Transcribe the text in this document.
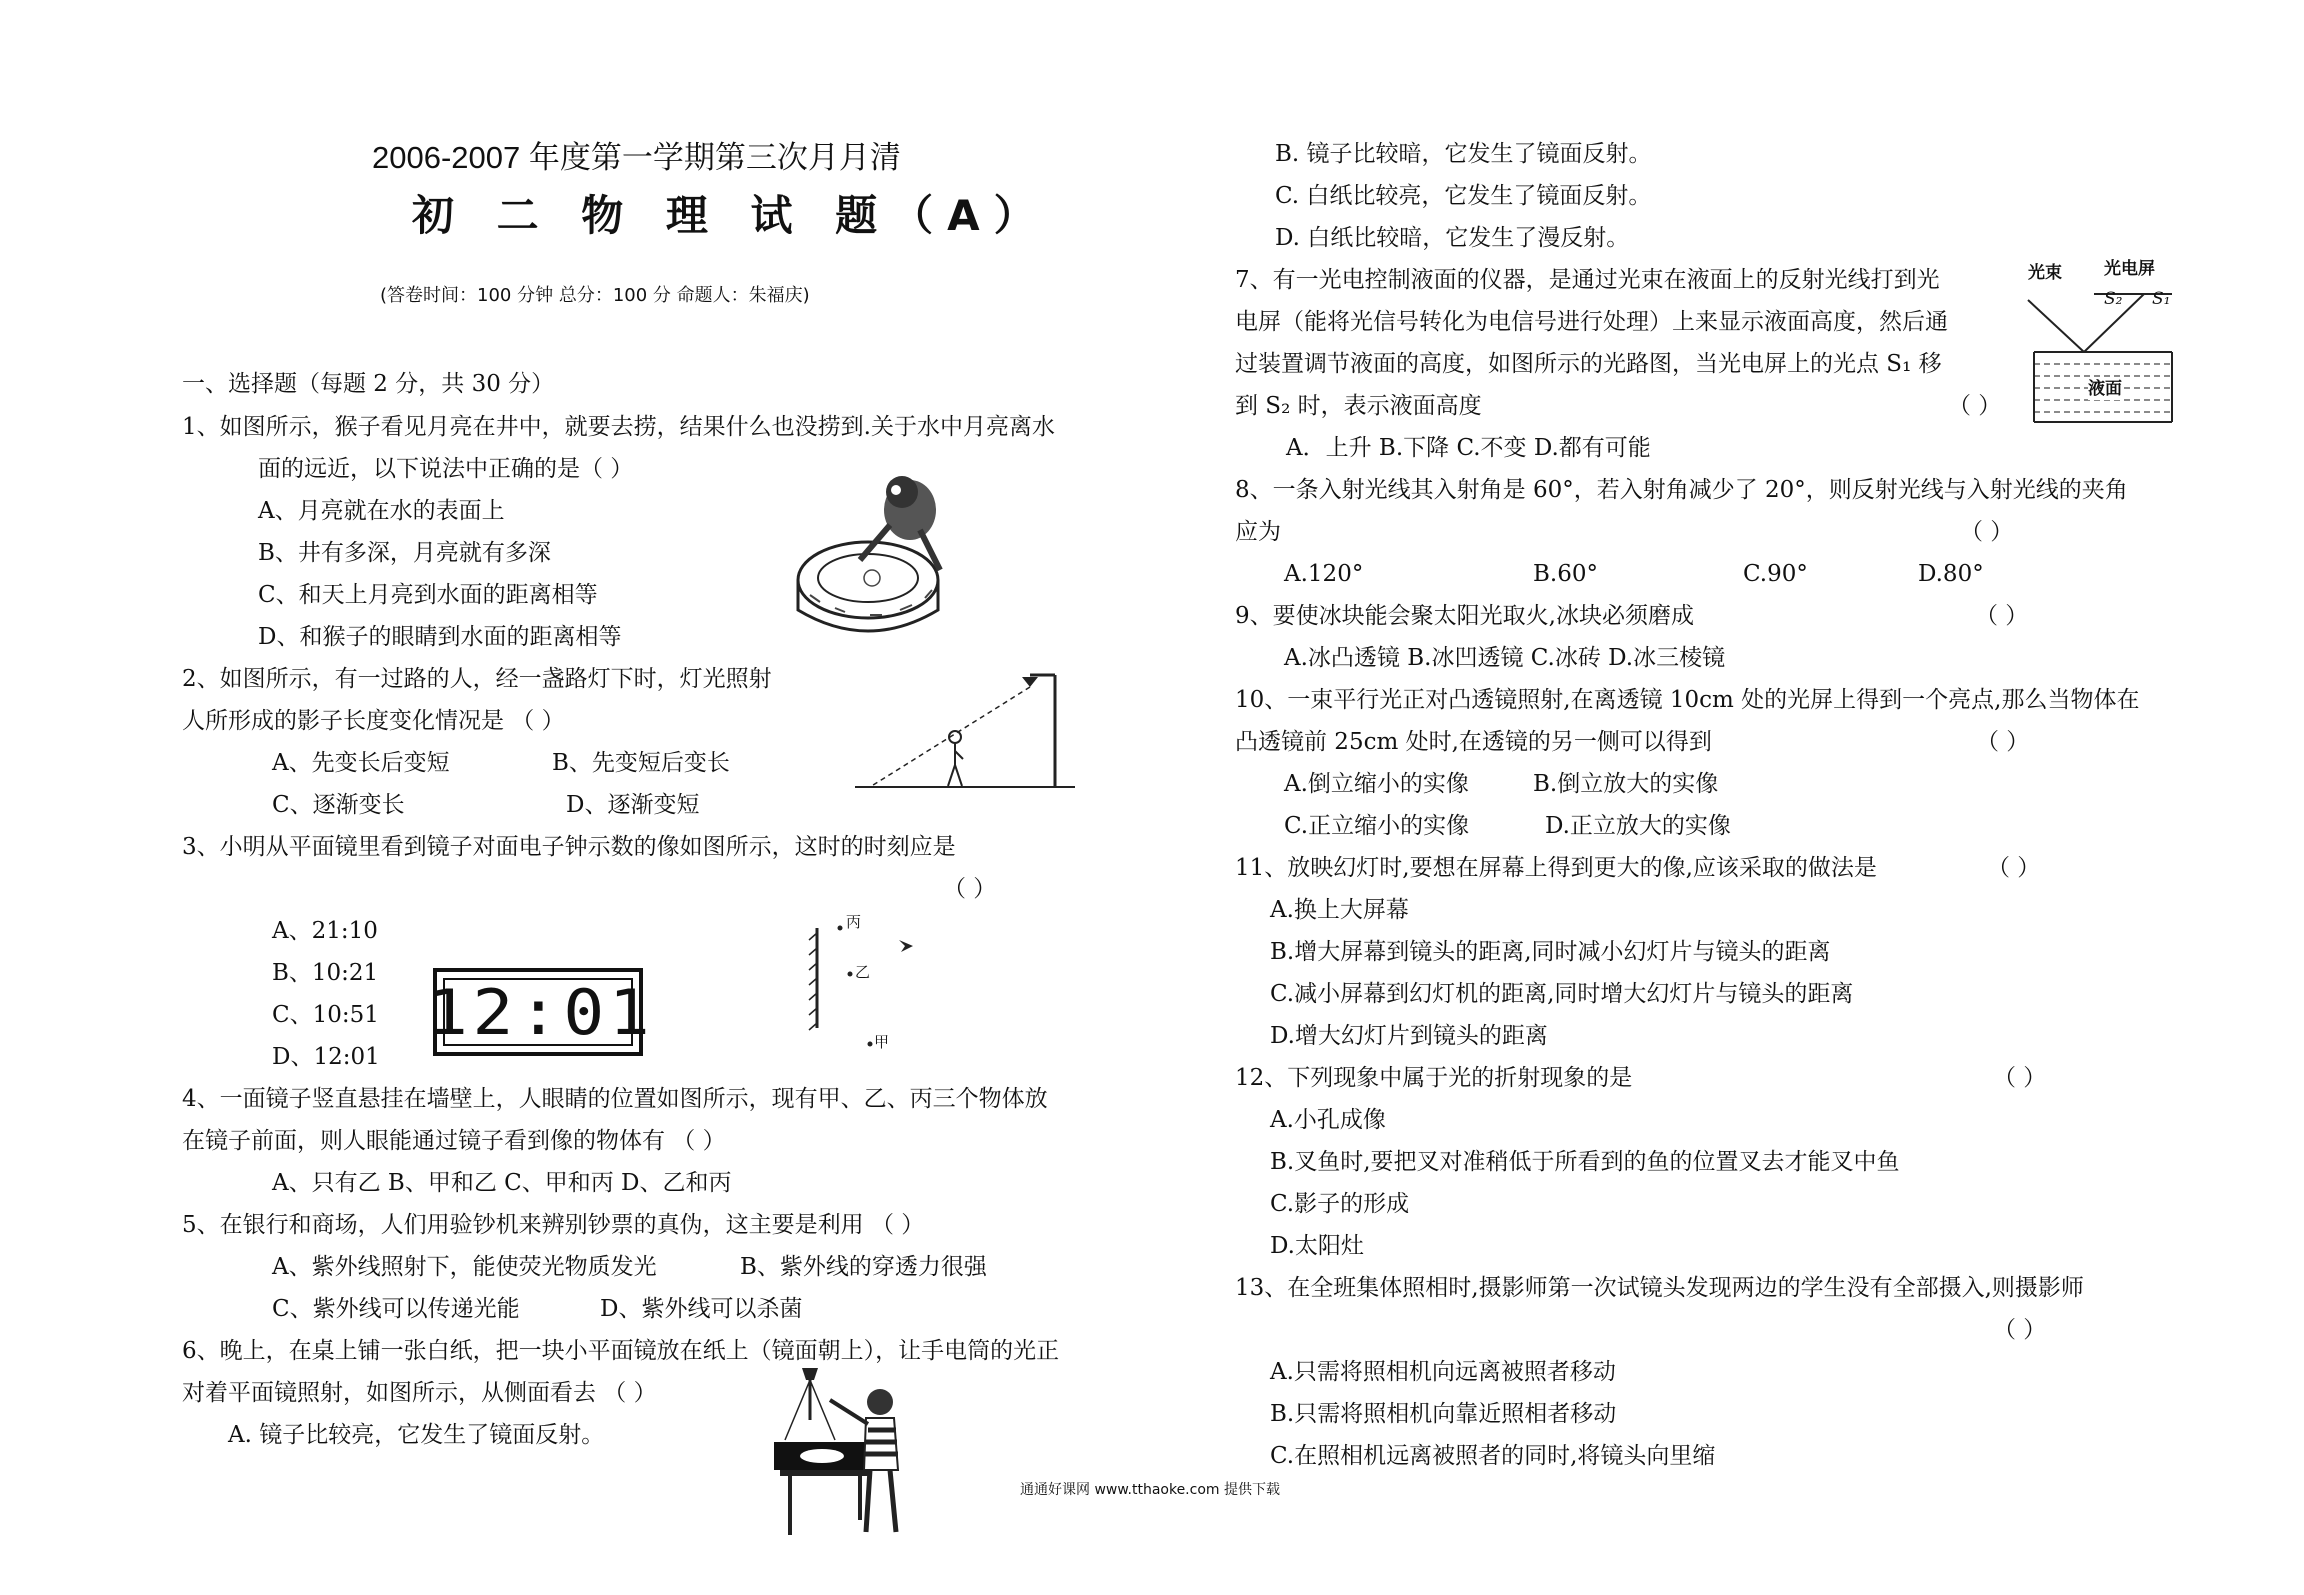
2006-2007 年度第一学期第三次月月清
初 二 物 理 试 题（A）
(答卷时间：100 分钟 总分：100 分 命题人：朱福庆)
一、选择题（每题 2 分，共 30 分）
1、如图所示，猴子看见月亮在井中，就要去捞，结果什么也没捞到.关于水中月亮离水
面的远近，以下说法中正确的是（ ）
A、月亮就在水的表面上
B、井有多深，月亮就有多深
C、和天上月亮到水面的距离相等
D、和猴子的眼睛到水面的距离相等
2、如图所示，有一过路的人，经一盏路灯下时，灯光照射
人所形成的影子长度变化情况是 （ ）
A、先变长后变短	B、先变短后变长
C、逐渐变长	D、逐渐变短
3、小明从平面镜里看到镜子对面电子钟示数的像如图所示，这时的时刻应是
（ ）
A、21:10
B、10:21
C、10:51
D、12:01
12:01
丙
乙
甲
4、一面镜子竖直悬挂在墙壁上，人眼睛的位置如图所示，现有甲、乙、丙三个物体放
在镜子前面，则人眼能通过镜子看到像的物体有 （ ）
A、只有乙 B、甲和乙 C、甲和丙 D、乙和丙
5、在银行和商场，人们用验钞机来辨别钞票的真伪，这主要是利用 （ ）
A、紫外线照射下，能使荧光物质发光	B、紫外线的穿透力很强
C、紫外线可以传递光能	D、紫外线可以杀菌
6、晚上，在桌上铺一张白纸，把一块小平面镜放在纸上（镜面朝上），让手电筒的光正
对着平面镜照射，如图所示，从侧面看去 （ ）
A. 镜子比较亮，它发生了镜面反射。
B. 镜子比较暗，它发生了镜面反射。
C. 白纸比较亮，它发生了镜面反射。
D. 白纸比较暗，它发生了漫反射。
7、有一光电控制液面的仪器，是通过光束在液面上的反射光线打到光
电屏（能将光信号转化为电信号进行处理）上来显示液面高度，然后通
过装置调节液面的高度，如图所示的光路图，当光电屏上的光点 S₁ 移
到 S₂ 时，表示液面高度	（ ）
A．上升 B.下降 C.不变 D.都有可能
光束 光电屏
S₂ S₁
液面
8、一条入射光线其入射角是 60°，若入射角减少了 20°，则反射光线与入射光线的夹角
应为	（ ）
A.120°	B.60°	C.90°	D.80°
9、要使冰块能会聚太阳光取火,冰块必须磨成	（ ）
A.冰凸透镜 B.冰凹透镜 C.冰砖 D.冰三棱镜
10、一束平行光正对凸透镜照射,在离透镜 10cm 处的光屏上得到一个亮点,那么当物体在
凸透镜前 25cm 处时,在透镜的另一侧可以得到	（ ）
A.倒立缩小的实像	B.倒立放大的实像
C.正立缩小的实像	D.正立放大的实像
11、放映幻灯时,要想在屏幕上得到更大的像,应该采取的做法是	（ ）
A.换上大屏幕
B.增大屏幕到镜头的距离,同时减小幻灯片与镜头的距离
C.减小屏幕到幻灯机的距离,同时增大幻灯片与镜头的距离
D.增大幻灯片到镜头的距离
12、下列现象中属于光的折射现象的是	（ ）
A.小孔成像
B.叉鱼时,要把叉对准稍低于所看到的鱼的位置叉去才能叉中鱼
C.影子的形成
D.太阳灶
13、在全班集体照相时,摄影师第一次试镜头发现两边的学生没有全部摄入,则摄影师
（ ）
A.只需将照相机向远离被照者移动
B.只需将照相机向靠近照相者移动
C.在照相机远离被照者的同时,将镜头向里缩
通通好课网 www.tthaoke.com 提供下载
